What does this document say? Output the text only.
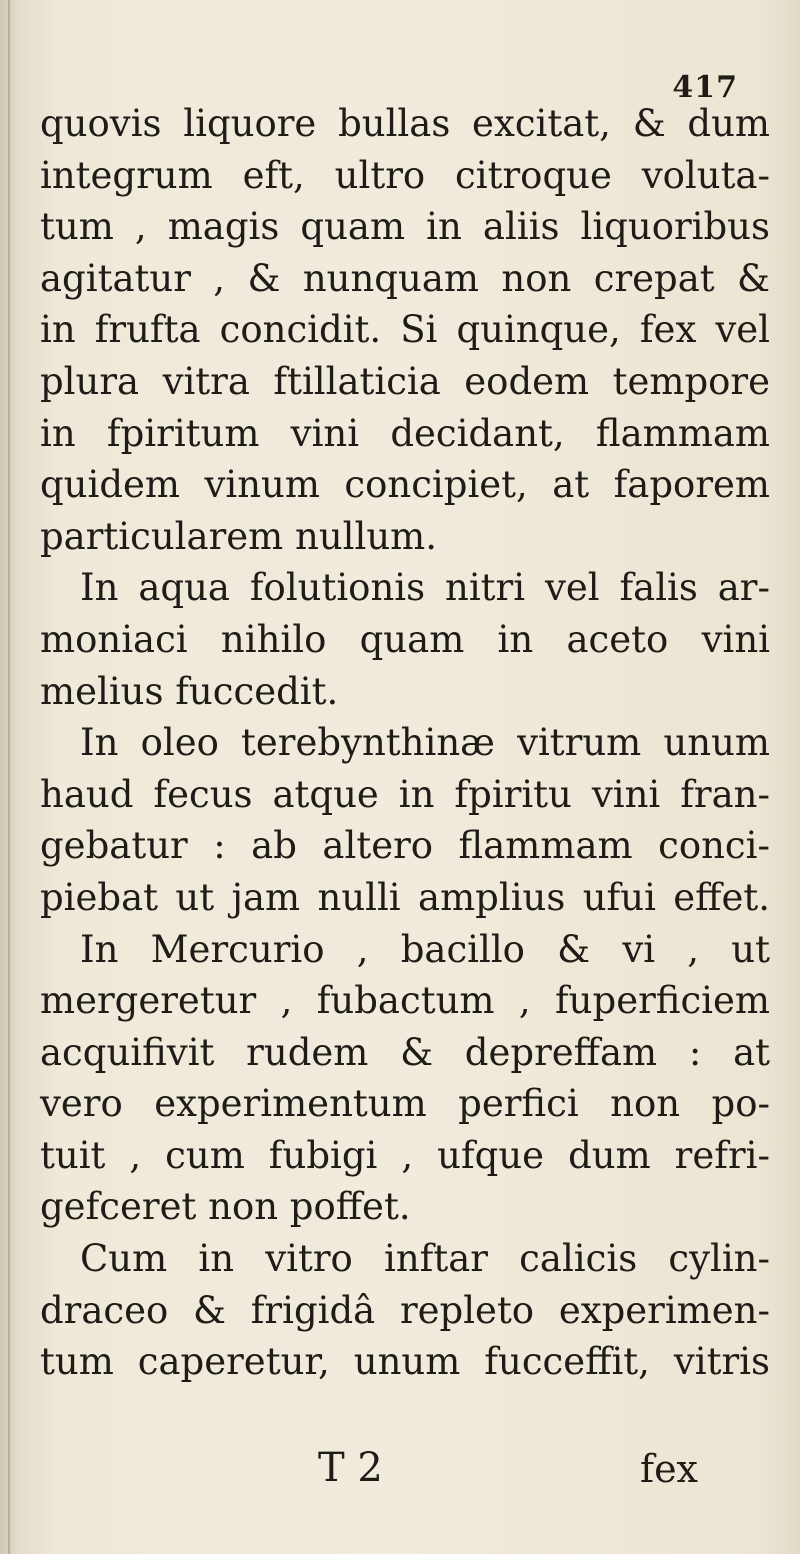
417
quovis liquore bullas excitat, & dum
integrum eft, ultro citroque voluta-
tum , magis quam in aliis liquoribus
agitatur , & nunquam non crepat &
in frufta concidit. Si quinque, fex vel
plura vitra ftillaticia eodem tempore
in fpiritum vini decidant, flammam
quidem vinum concipiet, at faporem
particularem nullum.
In aqua folutionis nitri vel falis ar-
moniaci nihilo quam in aceto vini
melius fuccedit.
In oleo terebynthinæ vitrum unum
haud fecus atque in fpiritu vini fran-
gebatur : ab altero flammam conci-
piebat ut jam nulli amplius ufui effet.
In Mercurio , bacillo & vi , ut
mergeretur , fubactum , fuperficiem
acquifivit rudem & depreffam : at
vero experimentum perfici non po-
tuit , cum fubigi , ufque dum refri-
gefceret non poffet.
Cum in vitro inftar calicis cylin-
draceo & frigidâ repleto experimen-
tum caperetur, unum fucceffit, vitris
T 2	fex
